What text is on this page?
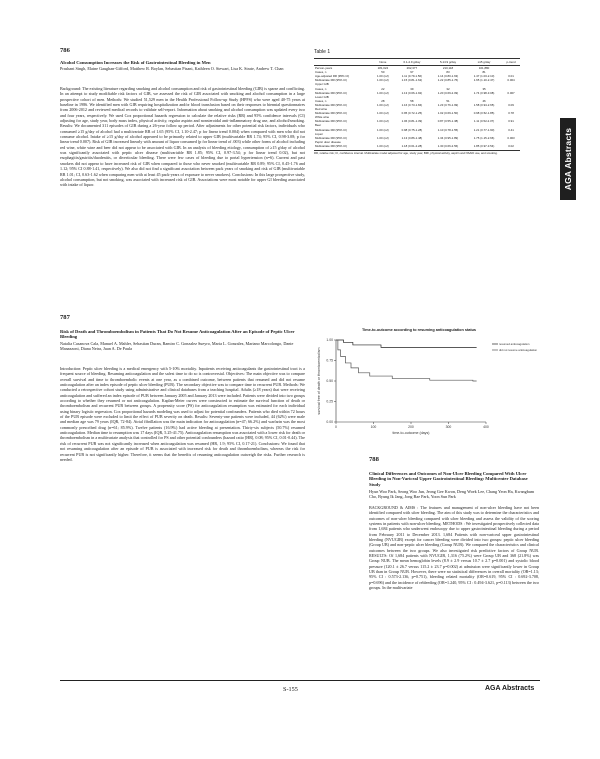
786
Alcohol Consumption Increases the Risk of Gastrointestinal Bleeding in Men
Prashant Singh, Elaine Gaughan-Gifford, Matthew R. Boylan, Sebastian Pisani, Kathleen O. Stewart, Lisa K. Strate, Andrew T. Chan
Background: The existing literature regarding smoking and alcohol consumption and risk of gastrointestinal bleeding (GIB) is sparse and conflicting. In an attempt to study modifiable risk factors of GIB, we assessed the risk of GIB associated with smoking and alcohol consumption in a large prospective cohort of men. Methods: We studied 51,529 men in the Health Professional Follow-up Study (HPFS) who were aged 40-75 years at baseline in 1986. We identified men with GIB requiring hospitalization and/or blood transfusion based on their responses to biennial questionnaires from 2006-2012 and reviewed medical records to validate self-report. Information about smoking and alcohol consumption was updated every two and four years, respectively. We used Cox proportional hazards regression to calculate the relative risks (RR) and 95% confidence intervals (CI) adjusting for age, study year, body mass index, physical activity, regular aspirin and nonsteroidal anti-inflammatory drug use, and alcohol/smoking. Results: We documented 311 episodes of GIB during a 26-year follow up period. After adjustments for other potential risk factors, individuals who consumed ≥15 g/day of alcohol had a multivariate RR of 1.65 (95% CI, 1.10-2.47; p for linear trend 0.004) when compared with men who did not consume alcohol. Intake of ≥15 g/day of alcohol appeared to be primarily related to upper GIB (multivariable RR 1.74; 95% CI, 0.98-3.08; p for linear trend 0.007). Risk of GIB increased linearly with amount of liquor consumed (p for linear trend of .003) while other forms of alcohol including red wine, white wine and beer did not appear to be associated with GIB. In an analysis of bleeding etiology, consumption of ≥15 g/day of alcohol was significantly associated with peptic ulcer disease (multivariable RR 1.85; 95% CI, 0.97-3.54; p for linear trend 0.02), but not esophagitis/gastritis/duodenitis, or diverticular bleeding. There were few cases of bleeding due to portal hypertension (n=6). Current and past smokers did not appear to have increased risk of GIB when compared to those who never smoked (multivariable RR 0.89; 95% CI, 0.45-1.76 and 1.12; 95% CI 0.88-1.41, respectively). We also did not find a significant association between pack years of smoking and risk of GIB (multivariable RR 1.01; CI, 0.63-1.62 when comparing men with at least 45 pack-years of exposure to never smokers). Conclusions: In this large prospective study, alcohol consumption, but not smoking, was associated with increased risk of GIB. Associations were most notable for upper GI bleeding associated with intake of liquor.
787
Risk of Death and Thromboembolism in Patients That Do Not Resume Anticoagulation After an Episode of Peptic Ulcer Bleeding
Natalia Casanova Cala, Manuel A. Mahler, Sebastian Duran, Ramiro C. Gonzalez Sueyro, Maria L. Gonzalez, Mariano Marcolongo, Dante Manazzoni, Diana Neira, Juan A. De Paula
Introduction: Peptic ulcer bleeding is a medical emergency with 5-10% mortality. Inpatients receiving anticoagulants the gastrointestinal tract is a frequent source of bleeding. Resuming anticoagulation and the safest time to do so is controversial. Objectives: The main objective was to compare overall survival and time to thromboembolic events at one year, as a combined outcome, between patients that resumed and did not resume anticoagulation after an index episode of peptic ulcer bleeding (PUB). The secondary objective was to compare time to recurrent PUB. Methods: We conducted a retrospective cohort study using administrative and clinical databases from a teaching hospital. Adults (≥18 years) that were receiving anticoagulation and suffered an index episode of PUB between January 2005 and January 2013 were included. Patients were divided into two groups according to whether they resumed or not anticoagulation. Kaplan-Meier curves were constructed to estimate the survival function of death or thromboembolism and recurrent PUB between groups. A propensity score (PS) for anticoagulation resumption was estimated for each individual using binary logistic regression. Cox proportional hazards modeling was used to adjust for potential confounders. Patients who died within 72 hours of the PUB episode were excluded to limit the effect of PUB severity on death. Results: Seventy-one patients were included, 44 (62%) were male and median age was 79 years (IQR, 72-84). Atrial fibrillation was the main indication for anticoagulation (n=47; 66.2%) and warfarin was the most commonly prescribed drug (n=61; 85.9%). Twelve patients (16.9%) had active bleeding at presentation. Thirty-six subjects (50.7%) resumed anticoagulation. Median time to resumption was 17 days (IQR, 5.25-41.75). Anticoagulation resumption was associated with a lower risk for death or thromboembolism in a multivariate analysis that controlled for PS and other potential confounders (hazard ratio [HR], 0.08; 95% CI, 0.01-0.44). The risk of recurrent PUB was not significantly increased when anticoagulation was resumed (HR, 1.9; 95% CI, 0.17-21). Conclusions: We found that not resuming anticoagulation after an episode of PUB is associated with increased risk for death and thromboembolism, whereas the risk for recurrent PUB is not significantly higher. Therefore, it seems that the benefits of resuming anticoagulation outweigh the risks. Further research is needed.
Table 1
	None	0.1-4.9 g/day	5-14.9 g/day	≥15 g/day	p-trend
Person-years	181,024	262,377	210,118	161,880	
Cases, n	50	97	83	81	
Age-adjusted RR (95% CI)	1.00 (ref)	1.11 (0.79-1.56)	1.14 (0.80-1.63)	1.47 (1.03-2.10)	0.01
Multivariate RR (95% CI)	1.00 (ref)	1.15 (0.81-1.62)	1.22 (0.85-1.76)	1.65 (1.10-2.47)	0.004
Upper GIB					
Cases, n	22	39	32	35	
Multivariate RR (95% CI)	1.00 (ref)	1.13 (0.66-1.92)	1.20 (0.69-2.09)	1.74 (0.98-3.08)	0.007
Lower GIB					
Cases, n	28	58	51	46	
Multivariate RR (95% CI)	1.00 (ref)	1.16 (0.73-1.84)	1.23 (0.76-1.99)	1.58 (0.94-2.65)	0.09
Red wine					
Multivariate RR (95% CI)	1.00 (ref)	0.95 (0.72-1.25)	1.02 (0.69-1.50)	0.98 (0.52-1.85)	0.78
White wine					
Multivariate RR (95% CI)	1.00 (ref)	1.06 (0.81-1.39)	0.87 (0.55-1.38)	1.11 (0.52-2.37)	0.91
Beer					
Multivariate RR (95% CI)	1.00 (ref)	0.98 (0.75-1.28)	1.10 (0.78-1.55)	1.21 (0.77-1.90)	0.41
Liquor					
Multivariate RR (95% CI)	1.00 (ref)	1.13 (0.86-1.48)	1.34 (0.95-1.89)	1.75 (1.15-2.66)	0.003
Peptic ulcer disease					
Multivariate RR (95% CI)	1.00 (ref)	1.18 (0.61-2.28)	1.30 (0.66-2.56)	1.85 (0.97-3.54)	0.02
RR, relative risk; CI, confidence interval. Multivariate model adjusted for age, study year, BMI, physical activity, aspirin and NSAID use, and smoking.
Time-to-outcome according to resuming anticoagulation status
0.00
0.25
0.50
0.75
1.00
0	100	200	300	400
time-to-outcome (days)
survival free of death or thromboembolism
resumed anticoagulation
did not resume anticoagulation
788
Clinical Differences and Outcomes of Non-Ulcer Bleeding Compared With Ulcer Bleeding in Non-Variceal Upper Gastrointestinal Bleeding: Multicenter Database Study
Hyun Woo Park, Seong Woo Jun, Jeong Gee Kwon, Deng Woek Lee, Chang Yeon Ha, Kwangbum Cho, Byung Ik Jang, Jong Bae Park, Yoon Sun Park
BACKGROUND & AIMS : The features and management of non-ulcer bleeding have not been identified compared with ulcer bleeding. The aim of this study was to determine the characteristics and outcomes of non-ulcer bleeding compared with ulcer bleeding and assess the validity of the scoring systems in patients with non-ulcer bleeding. METHODS : We investigated prospectively collected data from 1,684 patients who underwent endoscopy due to upper gastrointestinal bleeding during a period from February 2011 to December 2013. 1,684 Patients with non-variceal upper gastrointestinal bleeding (NVUGIB) except for cancer bleeding were divided into two groups: peptic ulcer bleeding (Group UB) and non-peptic ulcer bleeding (Group NUB). We compared the characteristics and clinical outcomes between the two groups. We also investigated risk predictive factors of Group NUB. RESULTS: Of 1,684 patients with NVUGIB, 1,316 (75.2%) were Group UB and 368 (21.8%) was Group NUB. The mean hemoglobin levels (8.9 ± 2.9 versus 10.7 ± 2.7 p=0.001) and systolic blood pressure (120.1 ± 26.7 versus 115.2 ± 23.7 p=0.002) at admission were significantly lower in Group UB than in Group NUB. However, there were no statistical differences in overall mortality (OR=1.13; 95% CI : 0.573-2.136, p=0.751), bleeding related mortality (OR=0.619, 95% CI : 0.692-3.708, p=0.696) and the incidence of rebleeding (OR=1.240, 95% CI : 0.494-3.621, p=0.113) between the two groups. In the multivariate
AGA Abstracts
S-155	AGA Abstracts
